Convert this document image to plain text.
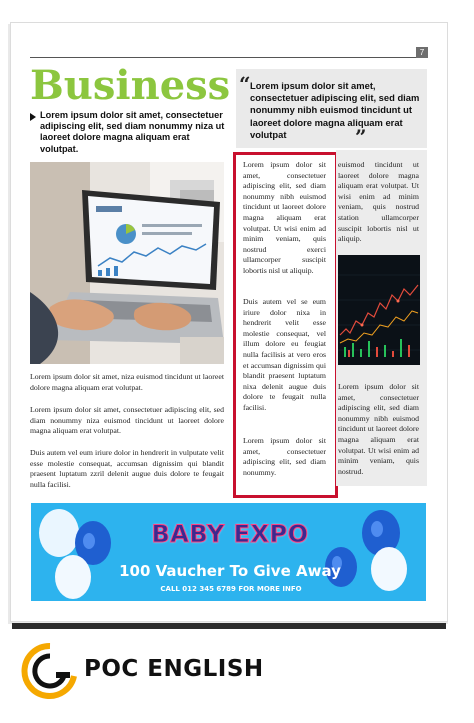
7
Business
Lorem ipsum dolor sit amet, consectetuer adipiscing elit, sed diam nonummy niza ut laoreet dolore magna aliquam erat volutpat.
“ Lorem ipsum dolor sit amet, consectetuer adipiscing elit, sed diam nonummy nibh euismod tincidunt ut laoreet dolore magna aliquam erat volutpat	”
Lorem ipsum dolor sit amet, niza euismod tincidunt ut laoreet dolore magna aliquam erat volutpat.
Lorem ipsum dolor sit amet, consectetuer adipiscing elit, sed diam nonummy niza euismod tincidunt ut laoreet dolore magna aliquam erat volutpat.
Duis autem vel eum iriure dolor in hendrerit in vulputate velit esse molestie consequat, accumsan dignissim qui blandit praesent luptatum zzril delenit augue duis dolore te feugait nulla facilisi.
Lorem ipsum dolor sit amet, consectetuer adipiscing elit, sed diam nonummy nibh euismod tincidunt ut laoreet dolore magna aliquam erat volutpat. Ut wisi enim ad minim veniam, quis nostrud exerci ullamcorper suscipit lobortis nisl ut aliquip.
Duis autem vel se eum iriure dolor nixa in hendrerit velit esse molestie consequat, vel illum dolore eu feugiat nulla facilisis at vero eros et accumsan dignissim qui blandit praesent luptatum nixa delenit augue duis dolore te feugait nulla facilisi.
Lorem ipsum dolor sit amet, consectetuer adipiscing elit, sed diam nonummy.
euismod tincidunt ut laoreet dolore magna aliquam erat volutpat. Ut wisi enim ad minim veniam, quis nostrud station ullamcorper suscipit lobortis nisl ut aliquip.
Lorem ipsum dolor sit amet, consectetuer adipiscing elit, sed diam nonummy nibh euismod tincidunt ut laoreet dolore magna aliquam erat volutpat. Ut wisi enim ad minim veniam, quis nostrud.
BABY EXPO
100 Vaucher To Give Away
CALL 012 345 6789 FOR MORE INFO
POC ENGLISH
